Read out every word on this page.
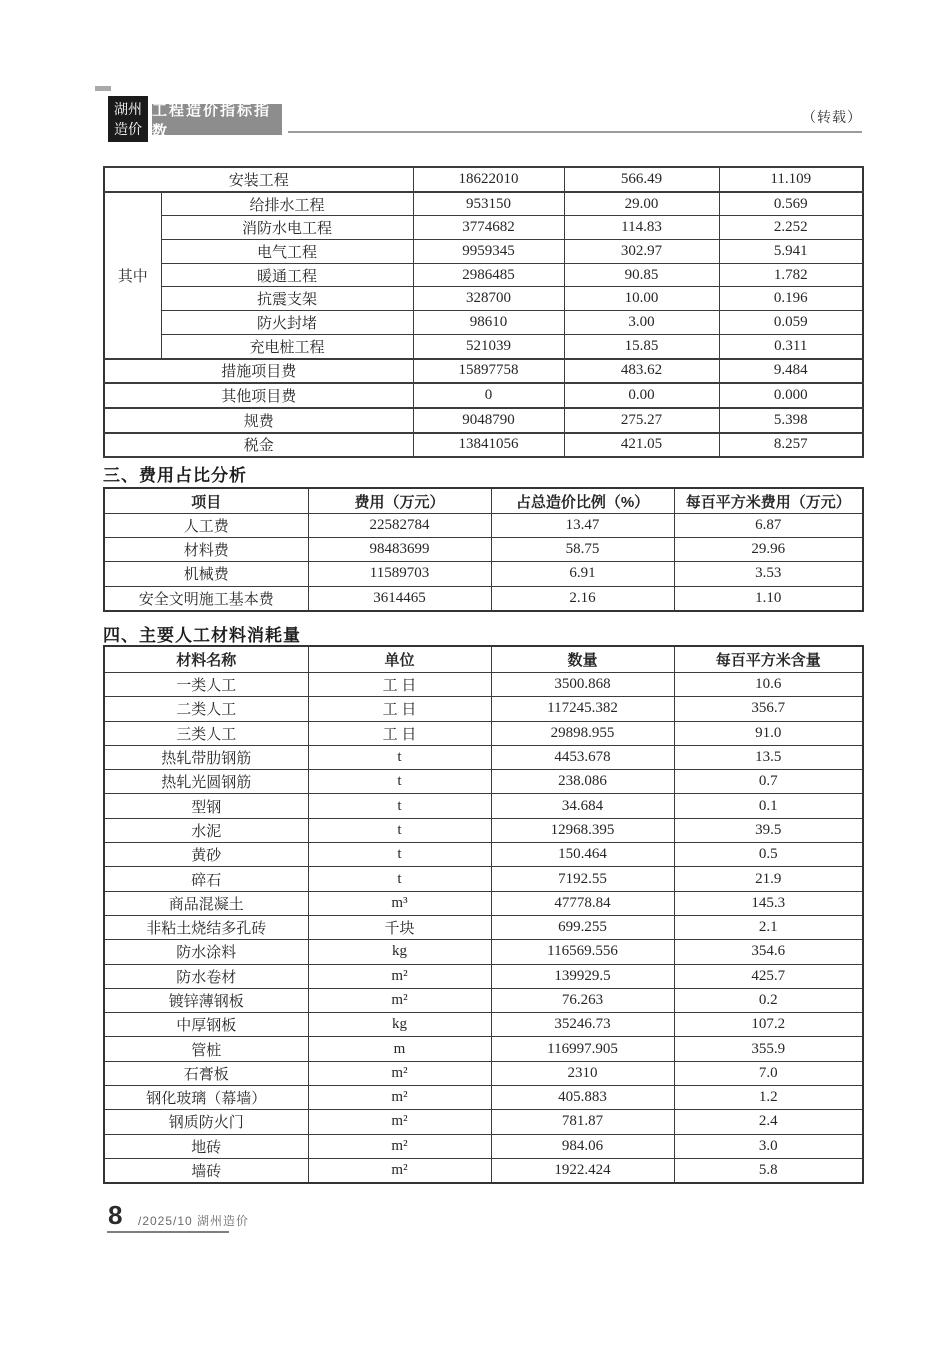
湖州
造价
工程造价指标指数
（转载）
安装工程		18622010	566.49	11.109
其中	给排水工程	953150	29.00	0.569
	消防水电工程	3774682	114.83	2.252
	电气工程	9959345	302.97	5.941
	暖通工程	2986485	90.85	1.782
	抗震支架	328700	10.00	0.196
	防火封堵	98610	3.00	0.059
	充电桩工程	521039	15.85	0.311
措施项目费		15897758	483.62	9.484
其他项目费		0	0.00	0.000
规费		9048790	275.27	5.398
税金		13841056	421.05	8.257
三、费用占比分析
项目	费用（万元）	占总造价比例（%）	每百平方米费用（万元）
人工费	22582784	13.47	6.87
材料费	98483699	58.75	29.96
机械费	11589703	6.91	3.53
安全文明施工基本费	3614465	2.16	1.10
四、主要人工材料消耗量
材料名称	单位	数量	每百平方米含量
一类人工	工 日	3500.868	10.6
二类人工	工 日	117245.382	356.7
三类人工	工 日	29898.955	91.0
热轧带肋钢筋	t	4453.678	13.5
热轧光圆钢筋	t	238.086	0.7
型钢	t	34.684	0.1
水泥	t	12968.395	39.5
黄砂	t	150.464	0.5
碎石	t	7192.55	21.9
商品混凝土	m³	47778.84	145.3
非粘土烧结多孔砖	千块	699.255	2.1
防水涂料	kg	116569.556	354.6
防水卷材	m²	139929.5	425.7
镀锌薄钢板	m²	76.263	0.2
中厚钢板	kg	35246.73	107.2
管桩	m	116997.905	355.9
石膏板	m²	2310	7.0
钢化玻璃（幕墙）	m²	405.883	1.2
钢质防火门	m²	781.87	2.4
地砖	m²	984.06	3.0
墙砖	m²	1922.424	5.8
8 /2025/10 湖州造价
